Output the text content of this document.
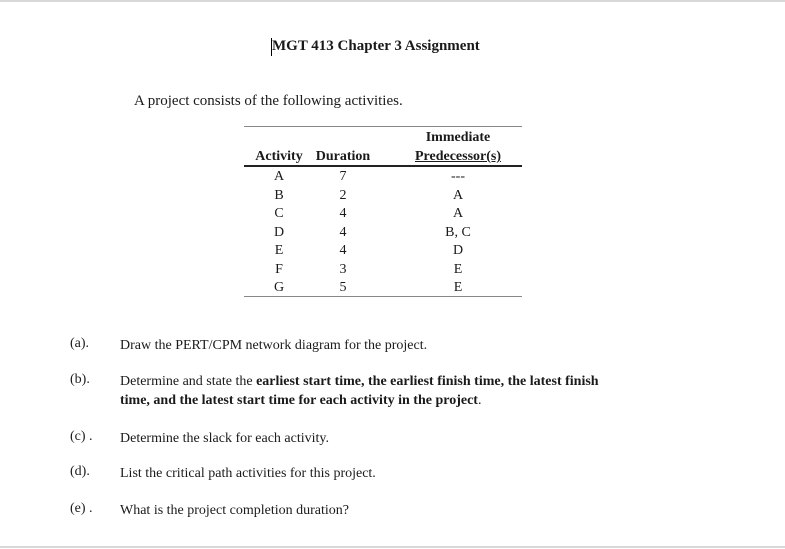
MGT 413 Chapter 3 Assignment
A project consists of the following activities.
Immediate
Activity Duration	Predecessor(s)
A	7	---
B	2	A
C	4	A
D	4	B, C
E	4	D
F	3	E
G	5	E
(a). Draw the PERT/CPM network diagram for the project.
(b). Determine and state the earliest start time, the earliest finish time, the latest finish
time, and the latest start time for each activity in the project.
(c) . Determine the slack for each activity.
(d). List the critical path activities for this project.
(e) . What is the project completion duration?
